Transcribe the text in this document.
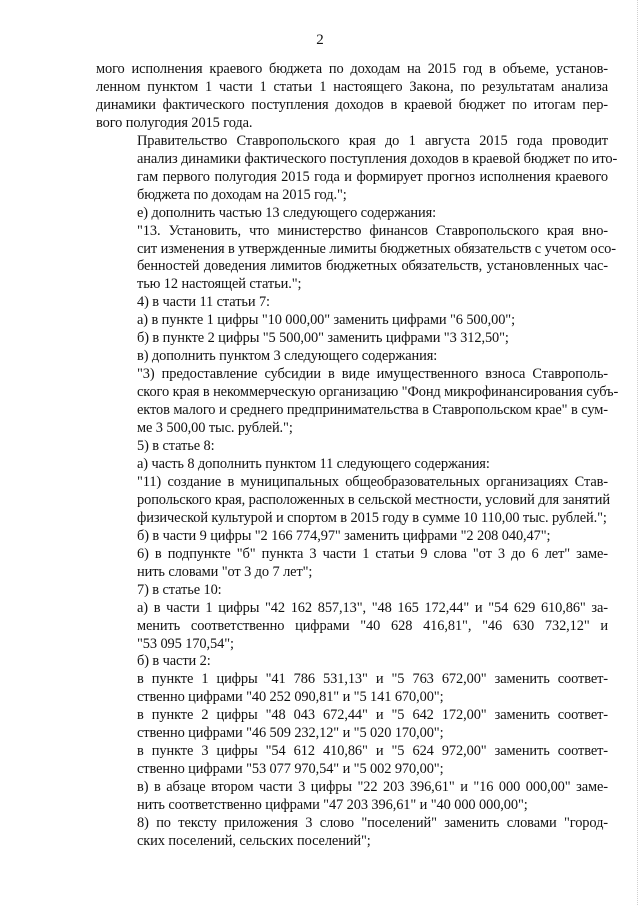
2

мого исполнения краевого бюджета по доходам на 2015 год в объеме, установ-
ленном пунктом 1 части 1 статьи 1 настоящего Закона, по результатам анализа
динамики фактического поступления доходов в краевой бюджет по итогам пер-
вого полугодия 2015 года.

Правительство Ставропольского края до 1 августа 2015 года проводит
анализ динамики фактического поступления доходов в краевой бюджет по ито-
гам первого полугодия 2015 года и формирует прогноз исполнения краевого
бюджета по доходам на 2015 год.";

е) дополнить частью 13 следующего содержания:

"13. Установить, что министерство финансов Ставропольского края вно-
сит изменения в утвержденные лимиты бюджетных обязательств с учетом осо-
бенностей доведения лимитов бюджетных обязательств, установленных час-
тью 12 настоящей статьи.";

4) в части 11 статьи 7:

а) в пункте 1 цифры "10 000,00" заменить цифрами "6 500,00";

б) в пункте 2 цифры "5 500,00" заменить цифрами "3 312,50";

в) дополнить пунктом 3 следующего содержания:

"3) предоставление субсидии в виде имущественного взноса Ставрополь-
ского края в некоммерческую организацию "Фонд микрофинансирования субъ-
ектов малого и среднего предпринимательства в Ставропольском крае" в сум-
ме 3 500,00 тыс. рублей.";

5) в статье 8:

а) часть 8 дополнить пунктом 11 следующего содержания:

"11) создание в муниципальных общеобразовательных организациях Став-
ропольского края, расположенных в сельской местности, условий для занятий
физической культурой и спортом в 2015 году в сумме 10 110,00 тыс. рублей.";

б) в части 9 цифры "2 166 774,97" заменить цифрами "2 208 040,47";

6) в подпункте "б" пункта 3 части 1 статьи 9 слова "от 3 до 6 лет" заме-
нить словами "от 3 до 7 лет";

7) в статье 10:

а) в части 1 цифры "42 162 857,13", "48 165 172,44" и "54 629 610,86" за-
менить соответственно цифрами "40 628 416,81", "46 630 732,12" и
"53 095 170,54";

б) в части 2:

в пункте 1 цифры "41 786 531,13" и "5 763 672,00" заменить соответ-
ственно цифрами "40 252 090,81" и "5 141 670,00";

в пункте 2 цифры "48 043 672,44" и "5 642 172,00" заменить соответ-
ственно цифрами "46 509 232,12" и "5 020 170,00";

в пункте 3 цифры "54 612 410,86" и "5 624 972,00" заменить соответ-
ственно цифрами "53 077 970,54" и "5 002 970,00";

в) в абзаце втором части 3 цифры "22 203 396,61" и "16 000 000,00" заме-
нить соответственно цифрами "47 203 396,61" и "40 000 000,00";

8) по тексту приложения 3 слово "поселений" заменить словами "город-
ских поселений, сельских поселений";
